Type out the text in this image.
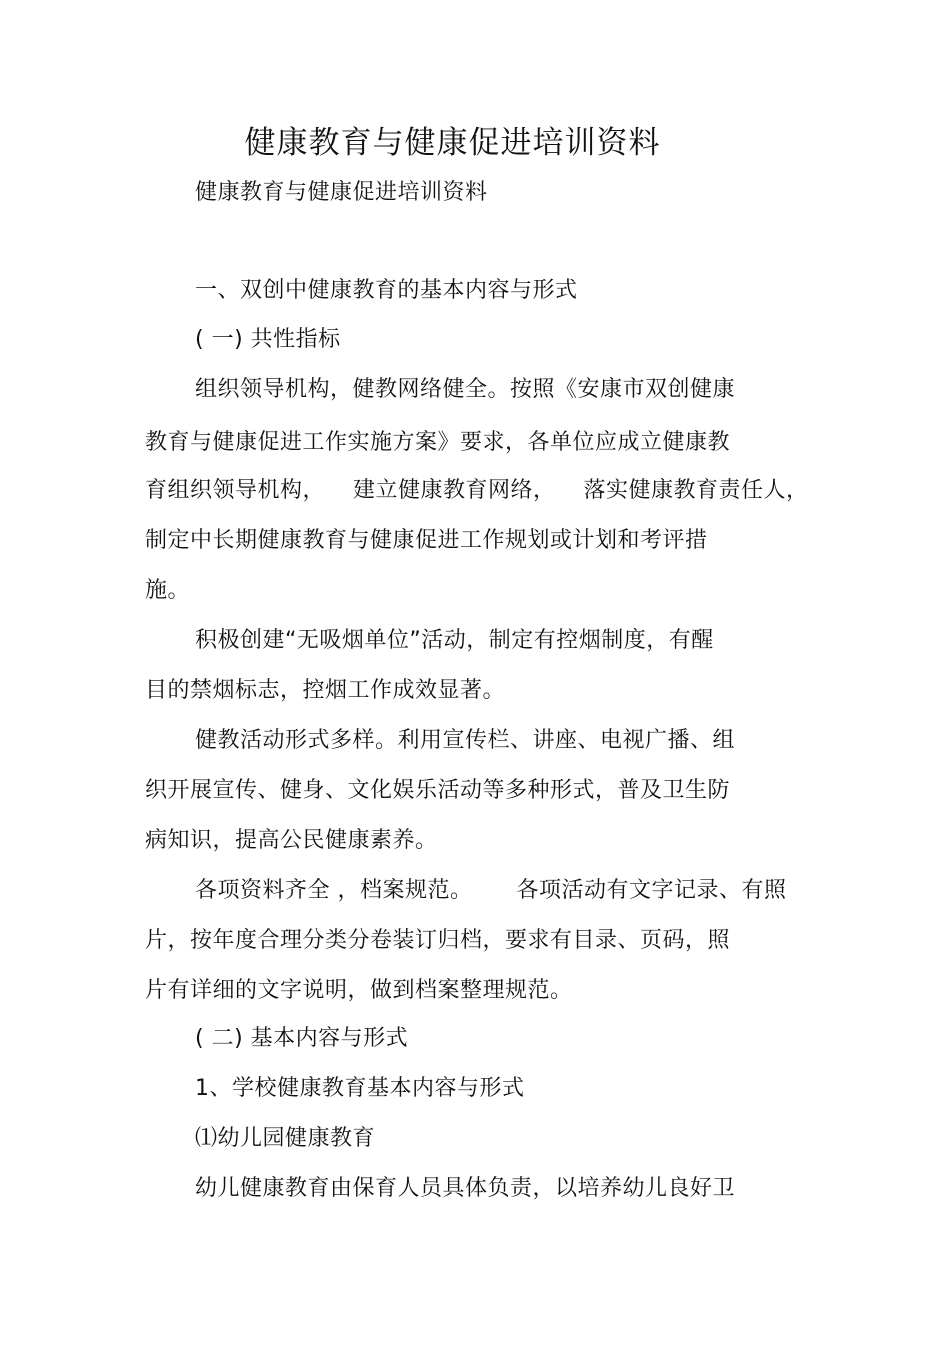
健康教育与健康促进培训资料
健康教育与健康促进培训资料
一、双创中健康教育的基本内容与形式
( 一) 共性指标
组织领导机构，健教网络健全。按照《安康市双创健康
教育与健康促进工作实施方案》要求，各单位应成立健康教
育组织领导机构， 建立健康教育网络， 落实健康教育责任人，
制定中长期健康教育与健康促进工作规划或计划和考评措
施。
积极创建“无吸烟单位”活动，制定有控烟制度，有醒
目的禁烟标志，控烟工作成效显著。
健教活动形式多样。利用宣传栏、讲座、电视广播、组
织开展宣传、健身、文化娱乐活动等多种形式，普及卫生防
病知识，提高公民健康素养。
各项资料齐全 ，档案规范。 各项活动有文字记录、有照
片，按年度合理分类分卷装订归档，要求有目录、页码，照
片有详细的文字说明，做到档案整理规范。
( 二) 基本内容与形式
1、学校健康教育基本内容与形式
⑴幼儿园健康教育
幼儿健康教育由保育人员具体负责，以培养幼儿良好卫
